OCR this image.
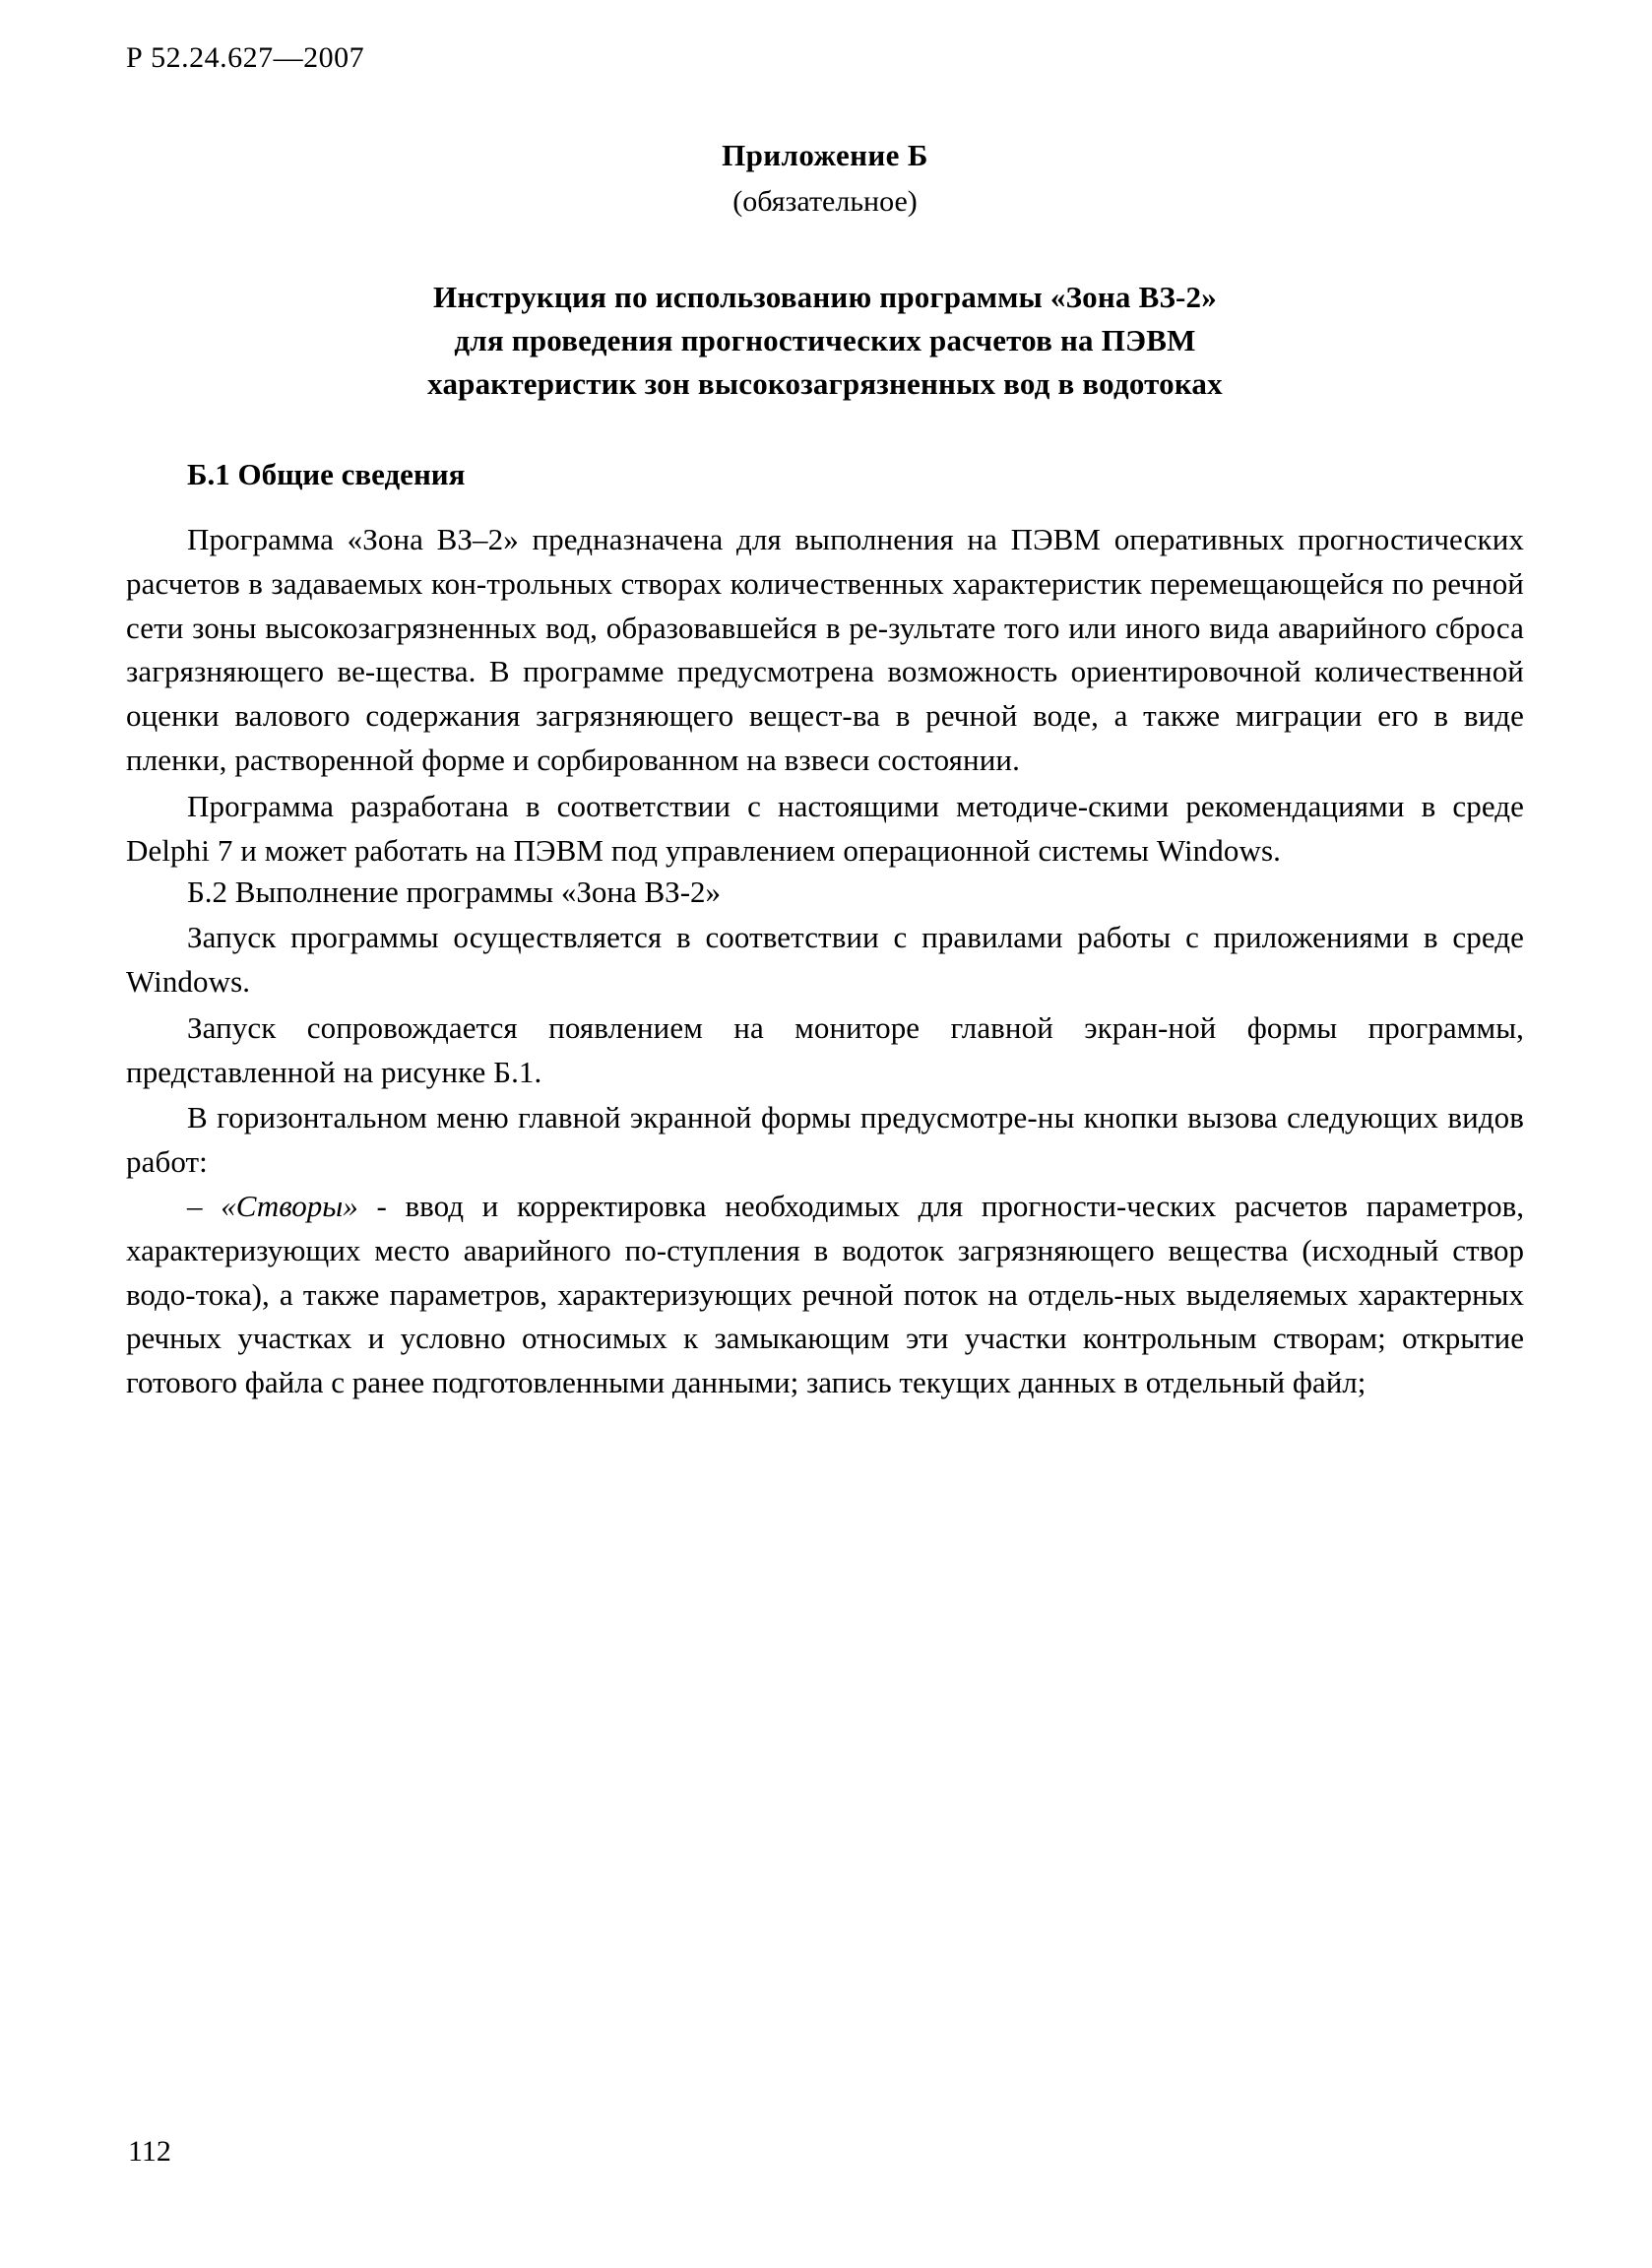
Р 52.24.627—2007
Приложение Б
(обязательное)
Инструкция по использованию программы «Зона ВЗ-2»
для проведения прогностических расчетов на ПЭВМ
характеристик зон высокозагрязненных вод в водотоках
Б.1 Общие сведения

Программа «Зона ВЗ–2» предназначена для выполнения на ПЭВМ оперативных прогностических расчетов в задаваемых кон-трольных створах количественных характеристик перемещающейся по речной сети зоны высокозагрязненных вод, образовавшейся в ре-зультате того или иного вида аварийного сброса загрязняющего ве-щества. В программе предусмотрена возможность ориентировочной количественной оценки валового содержания загрязняющего вещест-ва в речной воде, а также миграции его в виде пленки, растворенной форме и сорбированном на взвеси состоянии.

Программа разработана в соответствии с настоящими методиче-скими рекомендациями в среде Delphi 7 и может работать на ПЭВМ под управлением операционной системы Windows.

Б.2 Выполнение программы «Зона ВЗ-2»

Запуск программы осуществляется в соответствии с правилами работы с приложениями в среде Windows.

Запуск сопровождается появлением на мониторе главной экран-ной формы программы, представленной на рисунке Б.1.

В горизонтальном меню главной экранной формы предусмотре-ны кнопки вызова следующих видов работ:

– «Створы» - ввод и корректировка необходимых для прогности-ческих расчетов параметров, характеризующих место аварийного по-ступления в водоток загрязняющего вещества (исходный створ водо-тока), а также параметров, характеризующих речной поток на отдель-ных выделяемых характерных речных участках и условно относимых к замыкающим эти участки контрольным створам; открытие готового файла с ранее подготовленными данными; запись текущих данных в отдельный файл;

112
